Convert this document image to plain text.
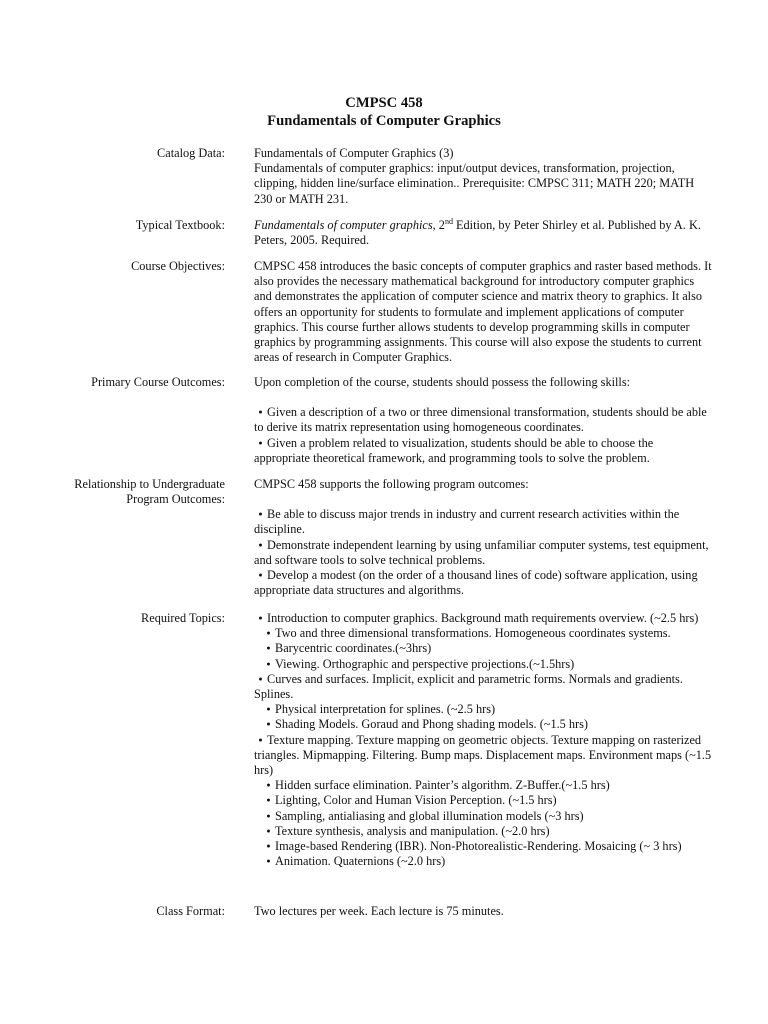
CMPSC 458
Fundamentals of Computer Graphics
Catalog Data: Fundamentals of Computer Graphics (3)

Fundamentals of computer graphics: input/output devices, transformation, projection, clipping, hidden line/surface elimination.. Prerequisite: CMPSC 311; MATH 220; MATH 230 or MATH 231.

Typical Textbook: Fundamentals of computer graphics, 2nd Edition, by Peter Shirley et al. Published by A. K. Peters, 2005. Required.

Course Objectives: CMPSC 458 introduces the basic concepts of computer graphics and raster based methods. It also provides the necessary mathematical background for introductory computer graphics and demonstrates the application of computer science and matrix theory to graphics. It also offers an opportunity for students to formulate and implement applications of computer graphics. This course further allows students to develop programming skills in computer graphics by programming assignments. This course will also expose the students to current areas of research in Computer Graphics.

Primary Course Outcomes: Upon completion of the course, students should possess the following skills:

● Given a description of a two or three dimensional transformation, students should be able to derive its matrix representation using homogeneous coordinates.

● Given a problem related to visualization, students should be able to choose the appropriate theoretical framework, and programming tools to solve the problem.

Relationship to Undergraduate
Program Outcomes:

CMPSC 458 supports the following program outcomes:

● Be able to discuss major trends in industry and current research activities within the discipline.

● Demonstrate independent learning by using unfamiliar computer systems, test equipment, and software tools to solve technical problems.

● Develop a modest (on the order of a thousand lines of code) software application, using appropriate data structures and algorithms.

Required Topics:

●	Introduction to computer graphics. Background math requirements overview. (~2.5 hrs)

● Two and three dimensional transformations. Homogeneous coordinates systems.

● Barycentric coordinates.(~3hrs)

● Viewing. Orthographic and perspective projections.(~1.5hrs)

● Curves and surfaces. Implicit, explicit and parametric forms. Normals and gradients. Splines.

● Physical interpretation for splines. (~2.5 hrs)

● Shading Models. Goraud and Phong shading models. (~1.5 hrs)

● Texture mapping. Texture mapping on geometric objects. Texture mapping on rasterized triangles. Mipmapping. Filtering. Bump maps. Displacement maps. Environment maps (~1.5 hrs)

● Hidden surface elimination. Painter’s algorithm. Z-Buffer.(~1.5 hrs)

● Lighting, Color and Human Vision Perception. (~1.5 hrs)

● Sampling, antialiasing and global illumination models (~3 hrs)

● Texture synthesis, analysis and manipulation. (~2.0 hrs)

● Image-based Rendering (IBR). Non-Photorealistic-Rendering. Mosaicing (~ 3 hrs)

● Animation. Quaternions (~2.0 hrs)

Class Format: Two lectures per week. Each lecture is 75 minutes.
